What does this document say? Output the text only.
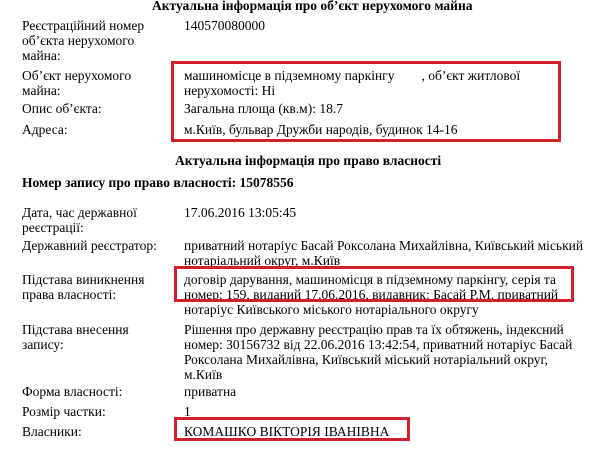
Актуальна інформація про об’єкт нерухомого майна
Реєстраційний номер
об’єкта нерухомого
майна:
140570080000
Об’єкт нерухомого
майна:
машиномісце в підземному паркінгу        , об’єкт житлової
нерухомості: Ні
Опис об’єкта:	Загальна площа (кв.м): 18.7
Адреса:	м.Київ, бульвар Дружби народів, будинок 14-16
Актуальна інформація про право власності
Номер запису про право власності: 15078556
Дата, час державної
реєстрації:
17.06.2016 13:05:45
Державний реєстратор: приватний нотаріус Басай Роксолана Михайлівна, Київський міський
нотаріальний округ, м.Київ
Підстава виникнення
права власності:
договір дарування, машиномісця в підземному паркінгу, серія та
номер: 159, виданий 17.06.2016, видавник: Басай Р.М. приватний
нотаріус Київського міського нотаріального округу
Підстава внесення
запису:
Рішення про державну реєстрацію прав та їх обтяжень, індексний
номер: 30156732 від 22.06.2016 13:42:54, приватний нотаріус Басай
Роксолана Михайлівна, Київський міський нотаріальний округ,
м.Київ
Форма власності:	приватна
Розмір частки:	1
Власники:	КОМАШКО ВІКТОРІЯ ІВАНІВНА
